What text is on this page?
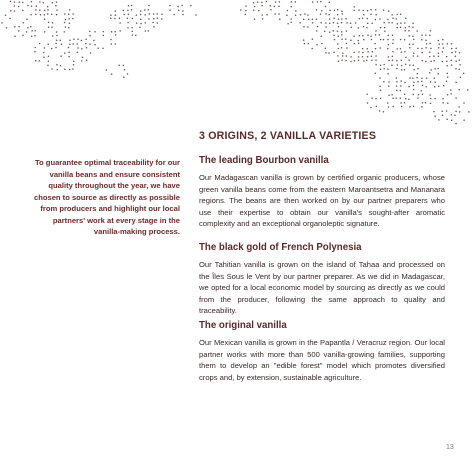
3 ORIGINS, 2 VANILLA VARIETIES

To guarantee optimal traceability for our vanilla beans and ensure consistent quality throughout the year, we have chosen to source as directly as possible from producers and highlight our local partners' work at every stage in the vanilla-making process.

The leading Bourbon vanilla

Our Madagascan vanilla is grown by certified organic producers, whose green vanilla beans come from the eastern Maroantsetra and Mananara regions. The beans are then worked on by our partner preparers who use their expertise to obtain our vanilla's sought-after aromatic complexity and an exceptional organoleptic signature.

The black gold of French Polynesia

Our Tahitian vanilla is grown on the island of Tahaa and processed on the Îles Sous le Vent by our partner preparer. As we did in Madagascar, we opted for a local economic model by sourcing as directly as we could from the producer, following the same approach to quality and traceability.

The original vanilla

Our Mexican vanilla is grown in the Papantla / Veracruz region. Our local partner works with more than 500 vanilla-growing families, supporting them to develop an "edible forest" model which promotes diversified crops and, by extension, sustainable agriculture.

13
